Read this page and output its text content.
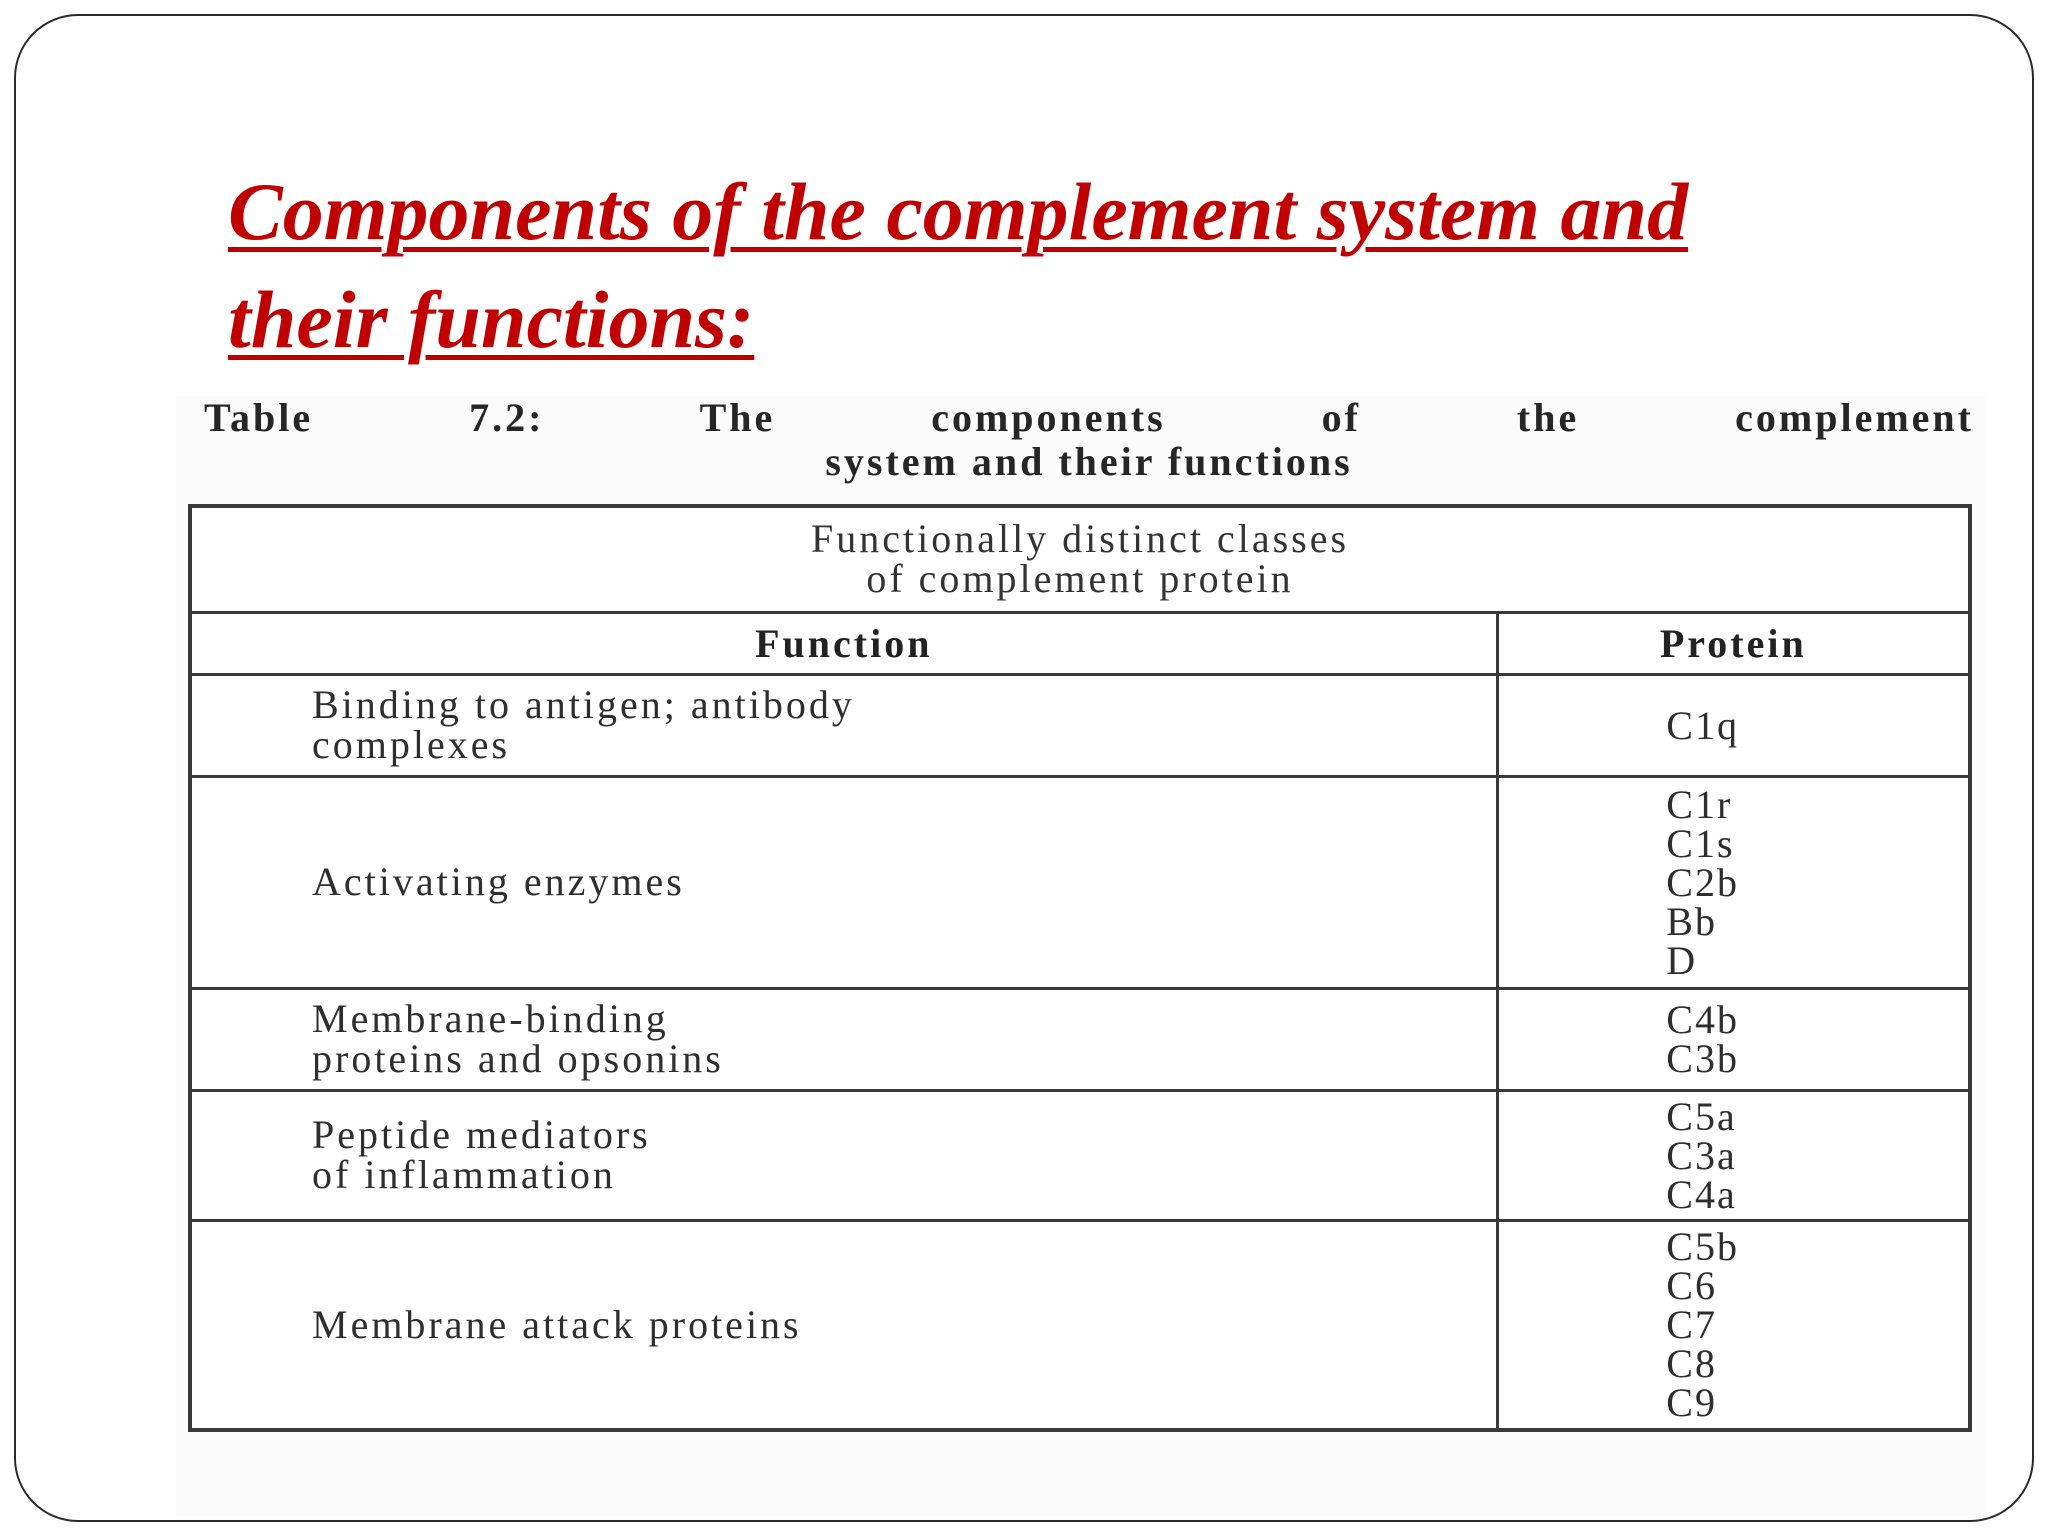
Components of the complement system and
their functions:
Table 7.2: The components of the complement
system and their functions
Functionally distinct classes
of complement protein	

Function	Protein

Binding to antigen; antibody
complexes	C1q

Activating enzymes	C1r
C1s
C2b
Bb
D

Membrane-binding
proteins and opsonins	C4b
C3b

Peptide mediators
of inflammation	C5a
C3a
C4a

Membrane attack proteins	C5b
C6
C7
C8
C9
